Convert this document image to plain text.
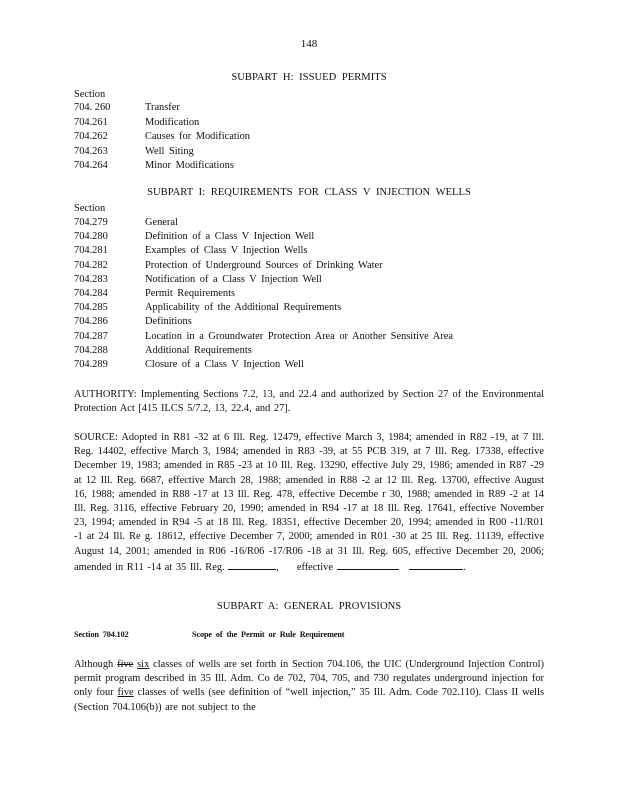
148
SUBPART H: ISSUED PERMITS
Section
704. 260	Transfer
704.261	Modification
704.262	Causes for Modification
704.263	Well Siting
704.264	Minor Modifications
SUBPART I: REQUIREMENTS FOR CLASS V INJECTION WELLS
Section
704.279	General
704.280	Definition of a Class V Injection Well
704.281	Examples of Class V Injection Wells
704.282	Protection of Underground Sources of Drinking Water
704.283	Notification of a Class V Injection Well
704.284	Permit Requirements
704.285	Applicability of the Additional Requirements
704.286	Definitions
704.287	Location in a Groundwater Protection Area or Another Sensitive Area
704.288	Additional Requirements
704.289	Closure of a Class V Injection Well
AUTHORITY: Implementing Sections 7.2, 13, and 22.4 and authorized by Section 27 of the Environmental Protection Act [415 ILCS 5/7.2, 13, 22.4, and 27].
SOURCE: Adopted in R81 -32 at 6 Ill. Reg. 12479, effective March 3, 1984; amended in R82 -19, at 7 Ill. Reg. 14402, effective March 3, 1984; amended in R83 -39, at 55 PCB 319, at 7 Ill. Reg. 17338, effective December 19, 1983; amended in R85 -23 at 10 Ill. Reg. 13290, effective July 29, 1986; amended in R87 -29 at 12 Ill. Reg. 6687, effective March 28, 1988; amended in R88 -2 at 12 Ill. Reg. 13700, effective August 16, 1988; amended in R88 -17 at 13 Ill. Reg. 478, effective Decembe r 30, 1988; amended in R89 -2 at 14 Ill. Reg. 3116, effective February 20, 1990; amended in R94 -17 at 18 Ill. Reg. 17641, effective November 23, 1994; amended in R94 -5 at 18 Ill. Reg. 18351, effective December 20, 1994; amended in R00 -11/R01 -1 at 24 Ill. Re g. 18612, effective December 7, 2000; amended in R01 -30 at 25 Ill. Reg. 11139, effective August 14, 2001; amended in R06 -16/R06 -17/R06 -18 at 31 Ill. Reg. 605, effective December 20, 2006; amended in R11 -14 at 35 Ill. Reg.	,     effective	.
SUBPART A: GENERAL PROVISIONS
Section 704.102	Scope of the Permit or Rule Requirement
Although five six classes of wells are set forth in Section 704.106, the UIC (Underground Injection Control) permit program described in 35 Ill. Adm. Co de 702, 704, 705, and 730 regulates underground injection for only four five classes of wells (see definition of “well injection,” 35 Ill. Adm. Code 702.110). Class II wells (Section 704.106(b)) are not subject to the
